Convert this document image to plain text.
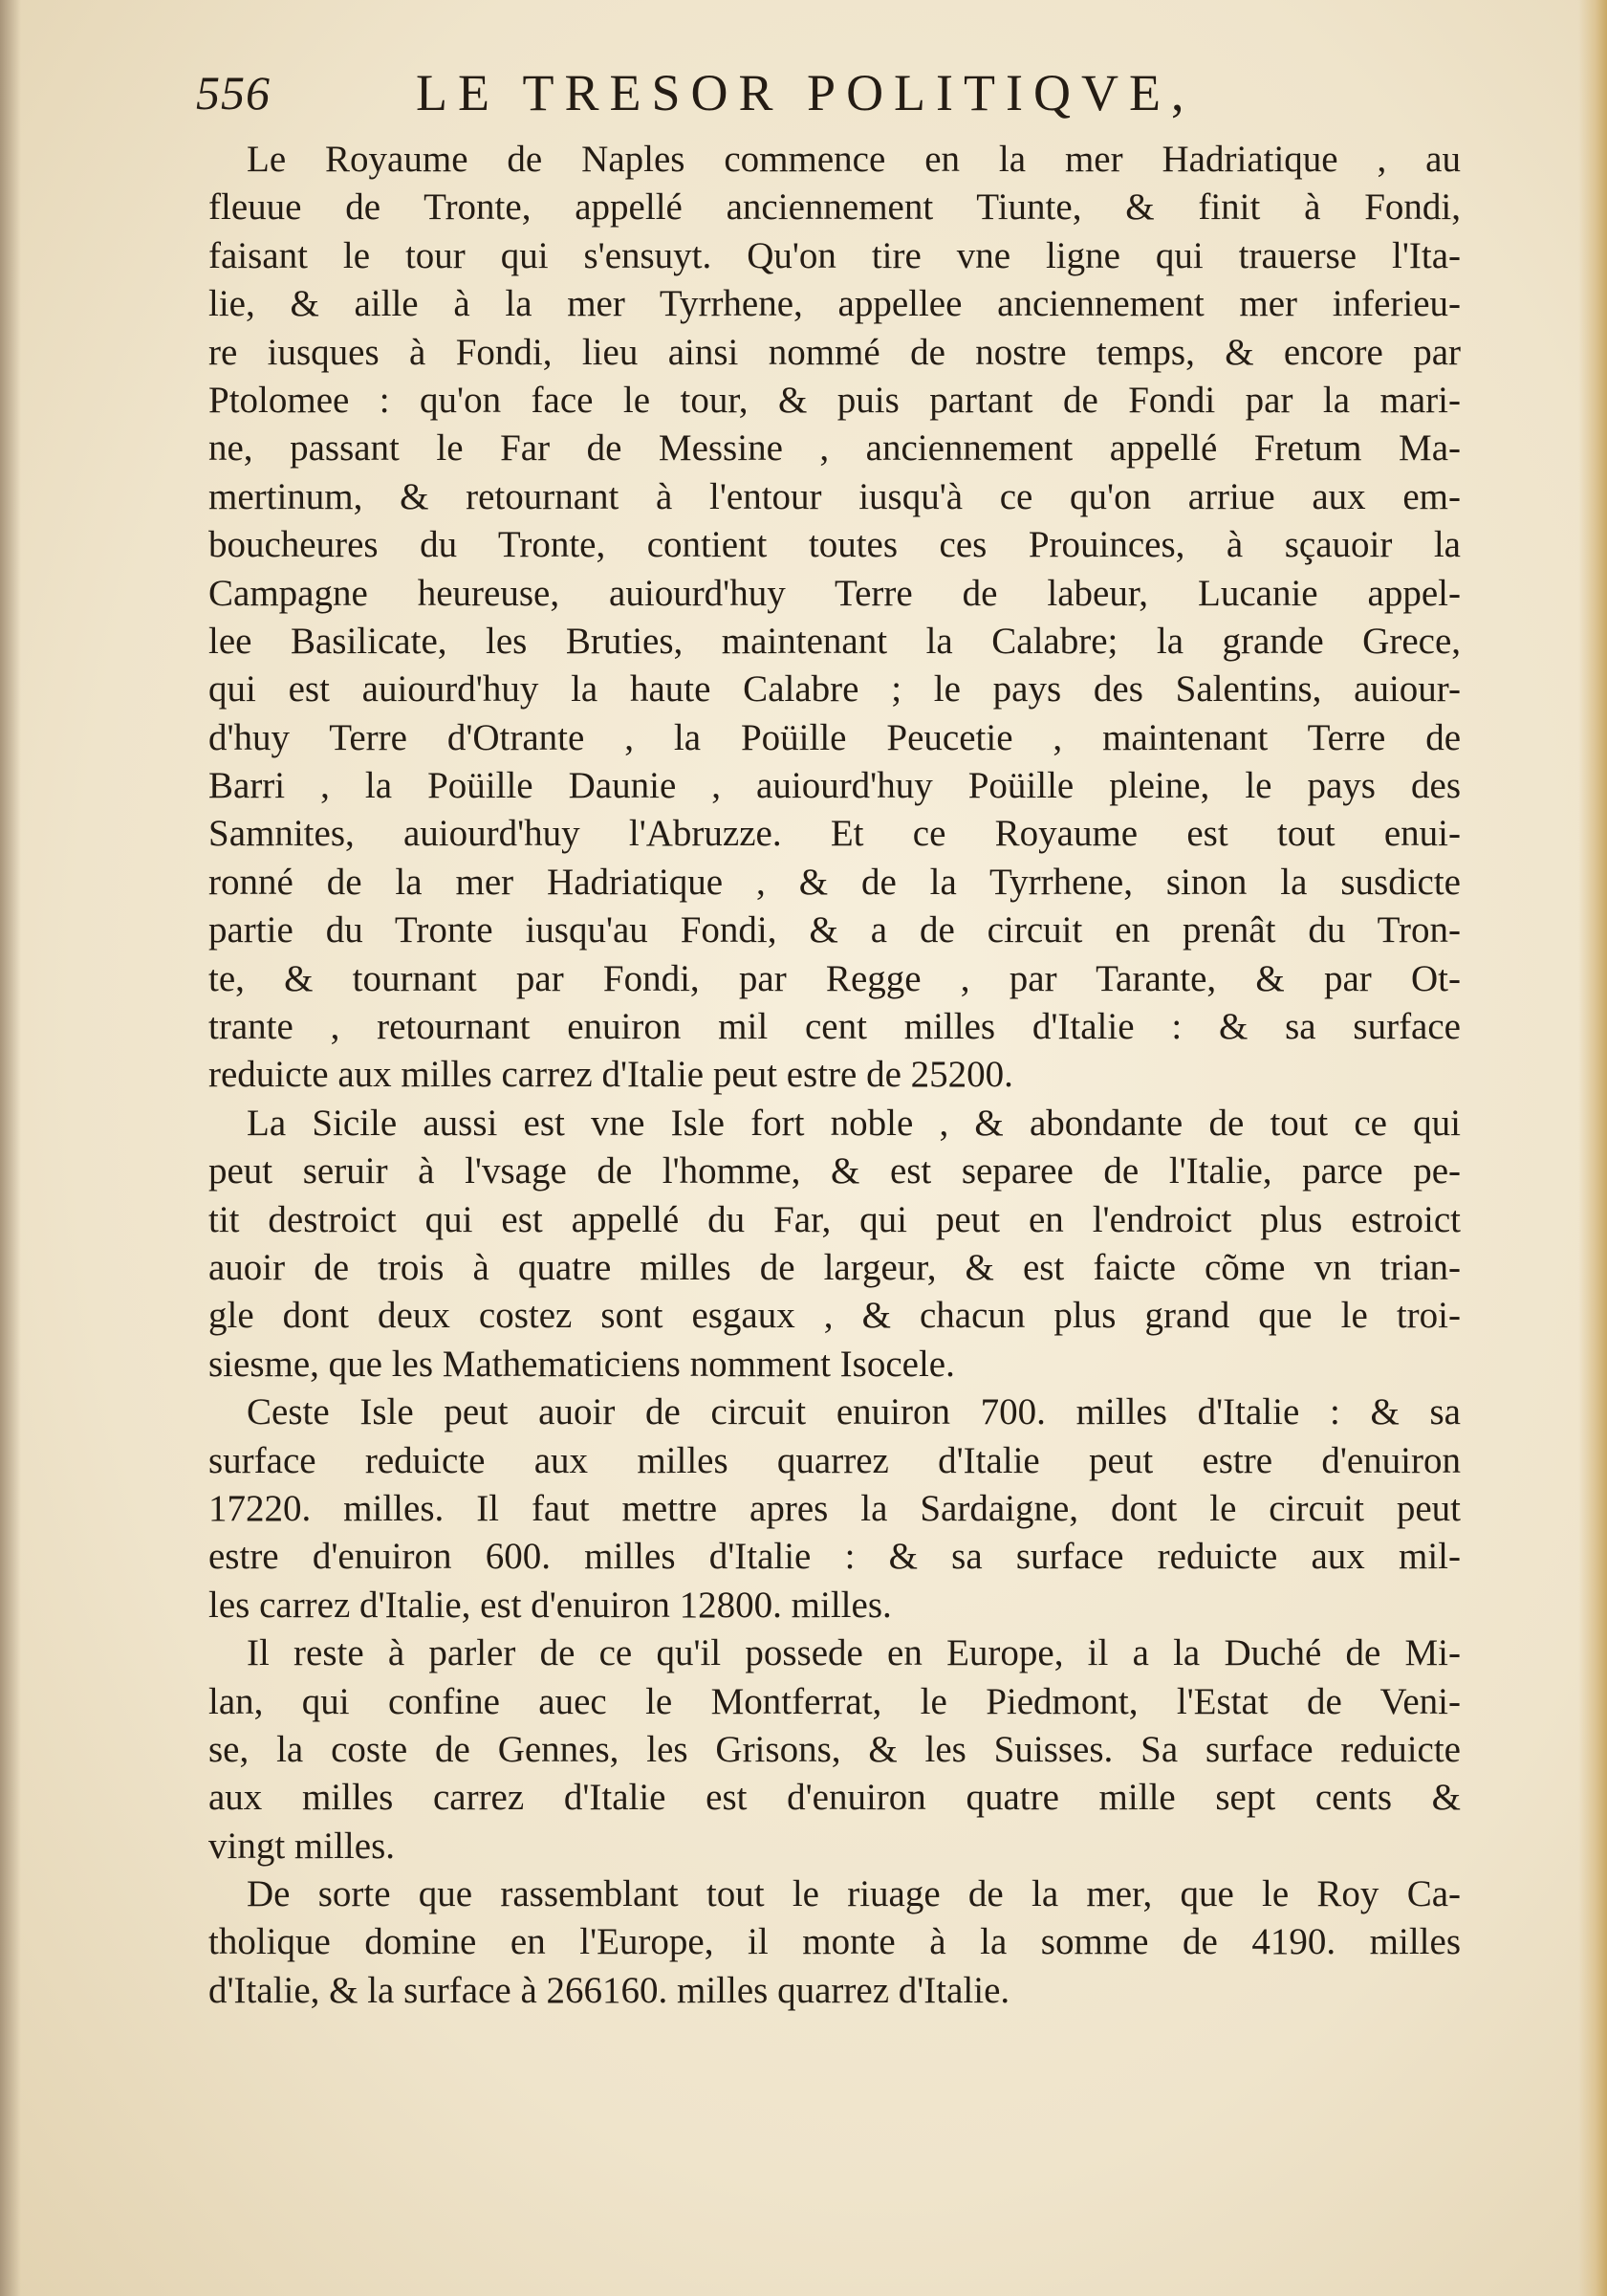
556	LE TRESOR POLITIQVE,
Le Royaume de Naples commence en la mer Hadriatique , au
fleuue de Tronte, appellé anciennement Tiunte, & finit à Fondi,
faisant le tour qui s'ensuyt. Qu'on tire vne ligne qui trauerse l'Ita-
lie, & aille à la mer Tyrrhene, appellee anciennement mer inferieu-
re iusques à Fondi, lieu ainsi nommé de nostre temps, & encore par
Ptolomee : qu'on face le tour, & puis partant de Fondi par la mari-
ne, passant le Far de Messine , anciennement appellé Fretum Ma-
mertinum, & retournant à l'entour iusqu'à ce qu'on arriue aux em-
boucheures du Tronte, contient toutes ces Prouinces, à sçauoir la
Campagne heureuse, auiourd'huy Terre de labeur, Lucanie appel-
lee Basilicate, les Bruties, maintenant la Calabre; la grande Grece,
qui est auiourd'huy la haute Calabre ; le pays des Salentins, auiour-
d'huy Terre d'Otrante , la Poüille Peucetie , maintenant Terre de
Barri , la Poüille Daunie , auiourd'huy Poüille pleine, le pays des
Samnites, auiourd'huy l'Abruzze. Et ce Royaume est tout enui-
ronné de la mer Hadriatique , & de la Tyrrhene, sinon la susdicte
partie du Tronte iusqu'au Fondi, & a de circuit en prenât du Tron-
te, & tournant par Fondi, par Regge , par Tarante, & par Ot-
trante , retournant enuiron mil cent milles d'Italie : & sa surface
reduicte aux milles carrez d'Italie peut estre de 25200.
La Sicile aussi est vne Isle fort noble , & abondante de tout ce qui
peut seruir à l'vsage de l'homme, & est separee de l'Italie, parce pe-
tit destroict qui est appellé du Far, qui peut en l'endroict plus estroict
auoir de trois à quatre milles de largeur, & est faicte cõme vn trian-
gle dont deux costez sont esgaux , & chacun plus grand que le troi-
siesme, que les Mathematiciens nomment Isocele.
Ceste Isle peut auoir de circuit enuiron 700. milles d'Italie : & sa
surface reduicte aux milles quarrez d'Italie peut estre d'enuiron
17220. milles. Il faut mettre apres la Sardaigne, dont le circuit peut
estre d'enuiron 600. milles d'Italie : & sa surface reduicte aux mil-
les carrez d'Italie, est d'enuiron 12800. milles.
Il reste à parler de ce qu'il possede en Europe, il a la Duché de Mi-
lan, qui confine auec le Montferrat, le Piedmont, l'Estat de Veni-
se, la coste de Gennes, les Grisons, & les Suisses. Sa surface reduicte
aux milles carrez d'Italie est d'enuiron quatre mille sept cents &
vingt milles.
De sorte que rassemblant tout le riuage de la mer, que le Roy Ca-
tholique domine en l'Europe, il monte à la somme de 4190. milles
d'Italie, & la surface à 266160. milles quarrez d'Italie.
